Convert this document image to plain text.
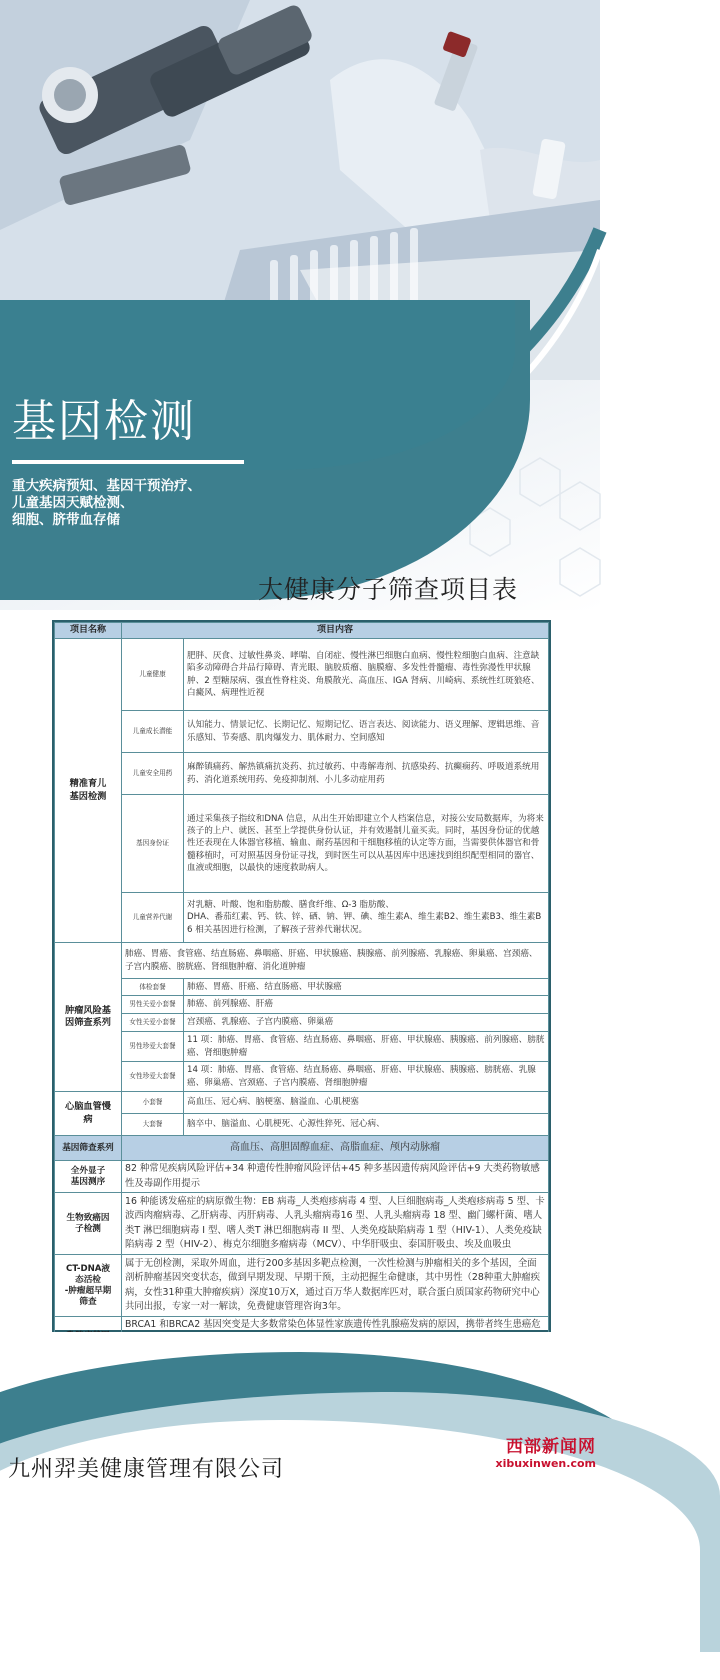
基因检测
重大疾病预知、基因干预治疗、
儿童基因天赋检测、
细胞、脐带血存储
大健康分子筛查项目表
项目名称	项目内容	
精准育儿
基因检测	儿童健康	肥胖、厌食、过敏性鼻炎、哮喘、自闭症、慢性淋巴细胞白血病、慢性粒细胞白血病、注意缺陷多动障碍合并品行障碍、青光眼、脑胶质瘤、脑膜瘤、多发性骨髓瘤、毒性弥漫性甲状腺肿、2 型糖尿病、强直性脊柱炎、角膜散光、高血压、IGA 肾病、川崎病、系统性红斑狼疮、白癜风、病理性近视
	儿童成长潜能	认知能力、情景记忆、长期记忆、短期记忆、语言表达、阅读能力、语义理解、逻辑思维、音乐感知、节奏感、肌肉爆发力、肌体耐力、空间感知
	儿童安全用药	麻醉镇痛药、解热镇痛抗炎药、抗过敏药、中毒解毒剂、抗感染药、抗癫痫药、呼吸道系统用药、消化道系统用药、免疫抑制剂、小儿多动症用药
	基因身份证	通过采集孩子指纹和DNA 信息，从出生开始即建立个人档案信息，对接公安局数据库，为将来孩子的上户、就医、甚至上学提供身份认证，并有效遏制儿童买卖。同时，基因身份证的优越性还表现在人体器官移植、输血、耐药基因和干细胞移植的认定等方面，当需要供体器官和骨髓移植时，可对照基因身份证寻找，到时医生可以从基因库中迅速找到组织配型相同的器官、血液或细胞，以最快的速度救助病人。
	儿童营养代谢	对乳糖、叶酸、饱和脂肪酸、膳食纤维、Ω-3 脂肪酸、
DHA、番茄红素、钙、铁、锌、硒、钠、钾、碘、维生素A、维生素B2、维生素B3、维生素B6 相关基因进行检测，了解孩子营养代谢状况。
肿瘤风险基
因筛查系列	肺癌、胃癌、食管癌、结直肠癌、鼻咽癌、肝癌、甲状腺癌、胰腺癌、前列腺癌、乳腺癌、卵巢癌、宫颈癌、子宫内膜癌、膀胱癌、肾细胞肿瘤、消化道肿瘤	
	体检套餐	肺癌、胃癌、肝癌、结直肠癌、甲状腺癌
	男性关爱小套餐	肺癌、前列腺癌、肝癌
	女性关爱小套餐	宫颈癌、乳腺癌、子宫内膜癌、卵巢癌
	男性珍爱大套餐	11 项：肺癌、胃癌、食管癌、结直肠癌、鼻咽癌、肝癌、甲状腺癌、胰腺癌、前列腺癌、膀胱癌、肾细胞肿瘤
	女性珍爱大套餐	14 项：肺癌、胃癌、食管癌、结直肠癌、鼻咽癌、肝癌、甲状腺癌、胰腺癌、膀胱癌、乳腺癌、卵巢癌、宫颈癌、子宫内膜癌、肾细胞肿瘤
心脑血管慢
病	小套餐	高血压、冠心病、脑梗塞、脑溢血、心肌梗塞
	大套餐	脑卒中、脑溢血、心肌梗死、心源性猝死、冠心病、
基因筛查系列	高血压、高胆固醇血症、高脂血症、颅内动脉瘤	
全外显子
基因测序	82 种常见疾病风险评估+34 种遗传性肿瘤风险评估+45 种多基因遗传病风险评估+9 大类药物敏感性及毒副作用提示	
生物致癌因
子检测	16 种能诱发癌症的病原微生物：EB 病毒_人类疱疹病毒 4 型、人巨细胞病毒_人类疱疹病毒 5 型、卡波西肉瘤病毒、乙肝病毒、丙肝病毒、人乳头瘤病毒16 型、人乳头瘤病毒 18 型、幽门螺杆菌、嗜人类T 淋巴细胞病毒 I 型、嗜人类T 淋巴细胞病毒 II 型、人类免疫缺陷病毒 1 型（HIV-1）、人类免疫缺陷病毒 2 型（HIV-2）、梅克尔细胞多瘤病毒（MCV）、中华肝吸虫、泰国肝吸虫、埃及血吸虫	
CT-DNA液
态活检
-肿瘤超早期
筛查	属于无创检测，采取外周血，进行200多基因多靶点检测，一次性检测与肿瘤相关的多个基因，全面剖析肿瘤基因突变状态，做到早期发现、早期干预，主动把握生命健康，其中男性（28种重大肿瘤疾病，女性31种重大肿瘤疾病）深度10万X，通过百万华人数据库匹对，联合蛋白质国家药物研究中心共同出报，专家一对一解读，免费健康管理咨询3年。	
	BRCA1 和BRCA2 基因突变是大多数常染色体显性家族遗传性乳腺癌发病的原因，携带者终生患癌危	

九州羿美健康管理有限公司
西部新闻网
xibuxinwen.com
